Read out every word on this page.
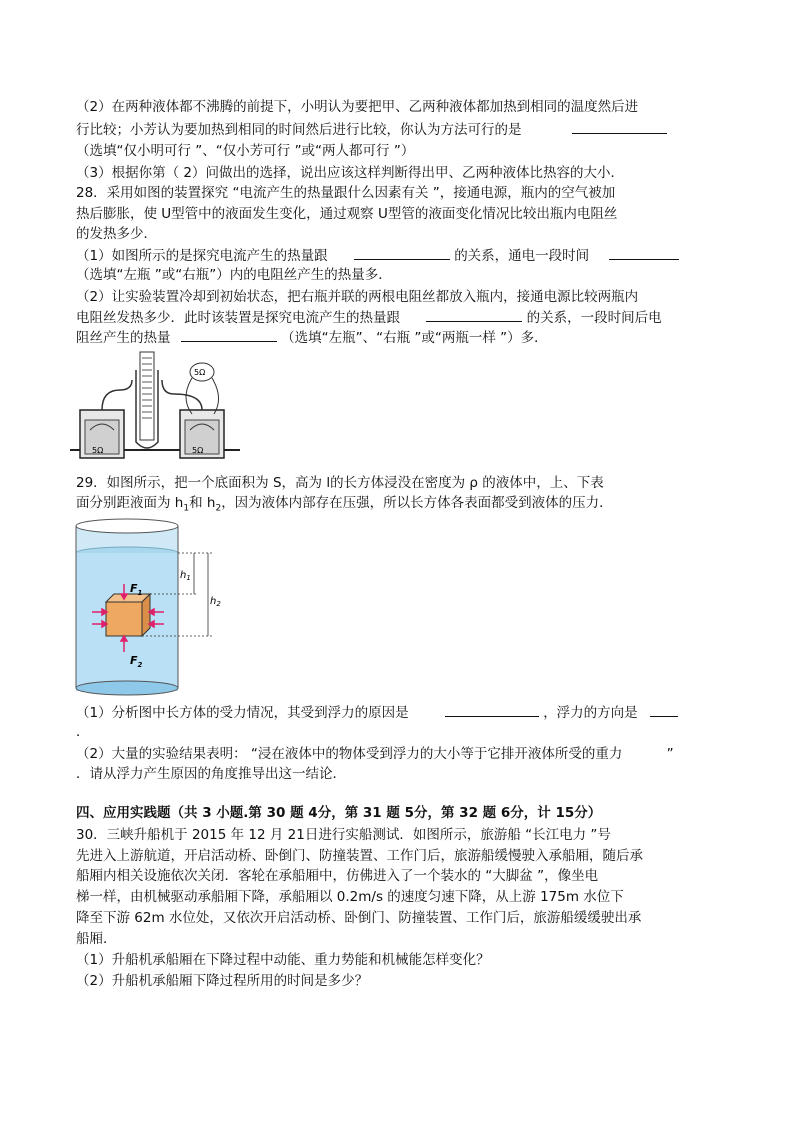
（2）在两种液体都不沸腾的前提下，小明认为要把甲、乙两种液体都加热到相同的温度然后进
行比较；小芳认为要加热到相同的时间然后进行比较，你认为方法可行的是
（选填“仅小明可行 ”、“仅小芳可行 ”或“两人都可行 ”）
（3）根据你第（ 2）问做出的选择，说出应该这样判断得出甲、乙两种液体比热容的大小．
28．采用如图的装置探究 “电流产生的热量跟什么因素有关 ”，接通电源，瓶内的空气被加
热后膨胀，使 U型管中的液面发生变化，通过观察 U型管的液面变化情况比较出瓶内电阻丝
的发热多少．
（1）如图所示的是探究电流产生的热量跟	的关系，通电一段时间
（选填“左瓶 ”或“右瓶”）内的电阻丝产生的热量多．
（2）让实验装置冷却到初始状态，把右瓶并联的两根电阻丝都放入瓶内，接通电源比较两瓶内
电阻丝发热多少．此时该装置是探究电流产生的热量跟	的关系，一段时间后电
阻丝产生的热量	（选填“左瓶”、“右瓶 ”或“两瓶一样 ”）多．
5Ω	5Ω
5Ω
29．如图所示，把一个底面积为 S，高为 l的长方体浸没在密度为 ρ 的液体中，上、下表
面分别距液面为 $h_1$和 $h_2$，因为液体内部存在压强，所以长方体各表面都受到液体的压力．
$F_1$
$F_2$
$h_1$
$h_2$
（1）分析图中长方体的受力情况，其受到浮力的原因是	，浮力的方向是
．
（2）大量的实验结果表明： “浸在液体中的物体受到浮力的大小等于它排开液体所受的重力	”
．请从浮力产生原因的角度推导出这一结论．
四、应用实践题（共 3 小题.第 30 题 4分，第 31 题 5分，第 32 题 6分，计 15分）
30．三峡升船机于 2015 年 12 月 21日进行实船测试．如图所示，旅游船 “长江电力 ”号
先进入上游航道，开启活动桥、卧倒门、防撞装置、工作门后，旅游船缓慢驶入承船厢，随后承
船厢内相关设施依次关闭．客轮在承船厢中，仿佛进入了一个装水的 “大脚盆 ”，像坐电
梯一样，由机械驱动承船厢下降，承船厢以 0.2m/s 的速度匀速下降，从上游 175m 水位下
降至下游 62m 水位处，又依次开启活动桥、卧倒门、防撞装置、工作门后，旅游船缓缓驶出承
船厢．
（1）升船机承船厢在下降过程中动能、重力势能和机械能怎样变化？
（2）升船机承船厢下降过程所用的时间是多少？
